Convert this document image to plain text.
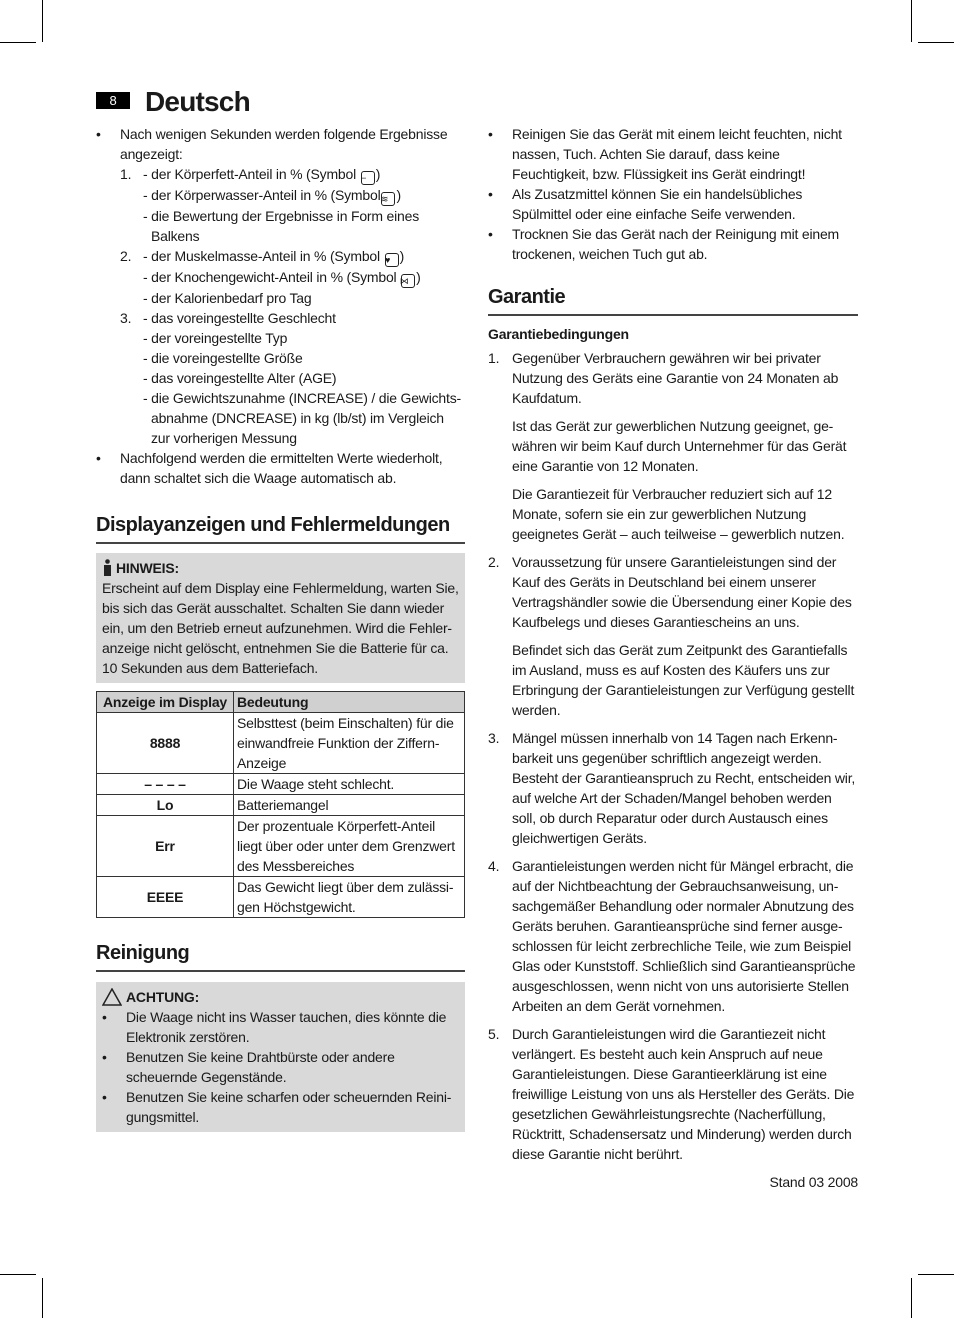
8	Deutsch
• Nach wenigen Sekunden werden folgende Ergebnisse angezeigt:
1. - der Körperfett-Anteil in % (Symbol − )
- der Körperwasser-Anteil in % (Symbol≋ )
- die Bewertung der Ergebnisse in Form eines Balkens
2. - der Muskelmasse-Anteil in % (Symbol ♥ )
- der Knochengewicht-Anteil in % (Symbol ⋈ )
- der Kalorienbedarf pro Tag
3. - das voreingestellte Geschlecht
- der voreingestellte Typ
- die voreingestellte Größe
- das voreingestellte Alter (AGE)
- die Gewichtszunahme (INCREASE) / die Gewichtsabnahme (DNCREASE) in kg (lb/st) im Vergleich zur vorherigen Messung
• Nachfolgend werden die ermittelten Werte wiederholt, dann schaltet sich die Waage automatisch ab.
Displayanzeigen und Fehlermeldungen
HINWEIS:
Erscheint auf dem Display eine Fehlermeldung, warten Sie, bis sich das Gerät ausschaltet. Schalten Sie dann wieder ein, um den Betrieb erneut aufzunehmen. Wird die Fehleranzeige nicht gelöscht, entnehmen Sie die Batterie für ca. 10 Sekunden aus dem Batteriefach.
Anzeige im Display	Bedeutung
8888	Selbsttest (beim Einschalten) für die einwandfreie Funktion der ZiffernAnzeige
– – – –	Die Waage steht schlecht.
Lo	Batteriemangel
Err	Der prozentuale Körperfett-Anteil liegt über oder unter dem Grenzwert des Messbereiches
EEEE	Das Gewicht liegt über dem zulässigen Höchstgewicht.
Reinigung
ACHTUNG:
• Die Waage nicht ins Wasser tauchen, dies könnte die Elektronik zerstören.
• Benutzen Sie keine Drahtbürste oder andere scheuernde Gegenstände.
• Benutzen Sie keine scharfen oder scheuernden Reinigungsmittel.
• Reinigen Sie das Gerät mit einem leicht feuchten, nicht nassen, Tuch. Achten Sie darauf, dass keine Feuchtigkeit, bzw. Flüssigkeit ins Gerät eindringt!
• Als Zusatzmittel können Sie ein handelsübliches Spülmittel oder eine einfache Seife verwenden.
• Trocknen Sie das Gerät nach der Reinigung mit einem trockenen, weichen Tuch gut ab.
Garantie
Garantiebedingungen
1. Gegenüber Verbrauchern gewähren wir bei privater Nutzung des Geräts eine Garantie von 24 Monaten ab Kaufdatum.
Ist das Gerät zur gewerblichen Nutzung geeignet, gewähren wir beim Kauf durch Unternehmer für das Gerät eine Garantie von 12 Monaten.
Die Garantiezeit für Verbraucher reduziert sich auf 12 Monate, sofern sie ein zur gewerblichen Nutzung geeignetes Gerät – auch teilweise – gewerblich nutzen.
2. Voraussetzung für unsere Garantieleistungen sind der Kauf des Geräts in Deutschland bei einem unserer Vertragshändler sowie die Übersendung einer Kopie des Kaufbelegs und dieses Garantiescheins an uns.
Befindet sich das Gerät zum Zeitpunkt des Garantiefalls im Ausland, muss es auf Kosten des Käufers uns zur Erbringung der Garantieleistungen zur Verfügung gestellt werden.
3. Mängel müssen innerhalb von 14 Tagen nach Erkennbarkeit uns gegenüber schriftlich angezeigt werden. Besteht der Garantieanspruch zu Recht, entscheiden wir, auf welche Art der Schaden/Mangel behoben werden soll, ob durch Reparatur oder durch Austausch eines gleichwertigen Geräts.
4. Garantieleistungen werden nicht für Mängel erbracht, die auf der Nichtbeachtung der Gebrauchsanweisung, unsachgemäßer Behandlung oder normaler Abnutzung des Geräts beruhen. Garantieansprüche sind ferner ausgeschlossen für leicht zerbrechliche Teile, wie zum Beispiel Glas oder Kunststoff. Schließlich sind Garantieansprüche ausgeschlossen, wenn nicht von uns autorisierte Stellen Arbeiten an dem Gerät vornehmen.
5. Durch Garantieleistungen wird die Garantiezeit nicht verlängert. Es besteht auch kein Anspruch auf neue Garantieleistungen. Diese Garantieerklärung ist eine freiwillige Leistung von uns als Hersteller des Geräts. Die gesetzlichen Gewährleistungsrechte (Nacherfüllung, Rücktritt, Schadensersatz und Minderung) werden durch diese Garantie nicht berührt.
Stand 03 2008
